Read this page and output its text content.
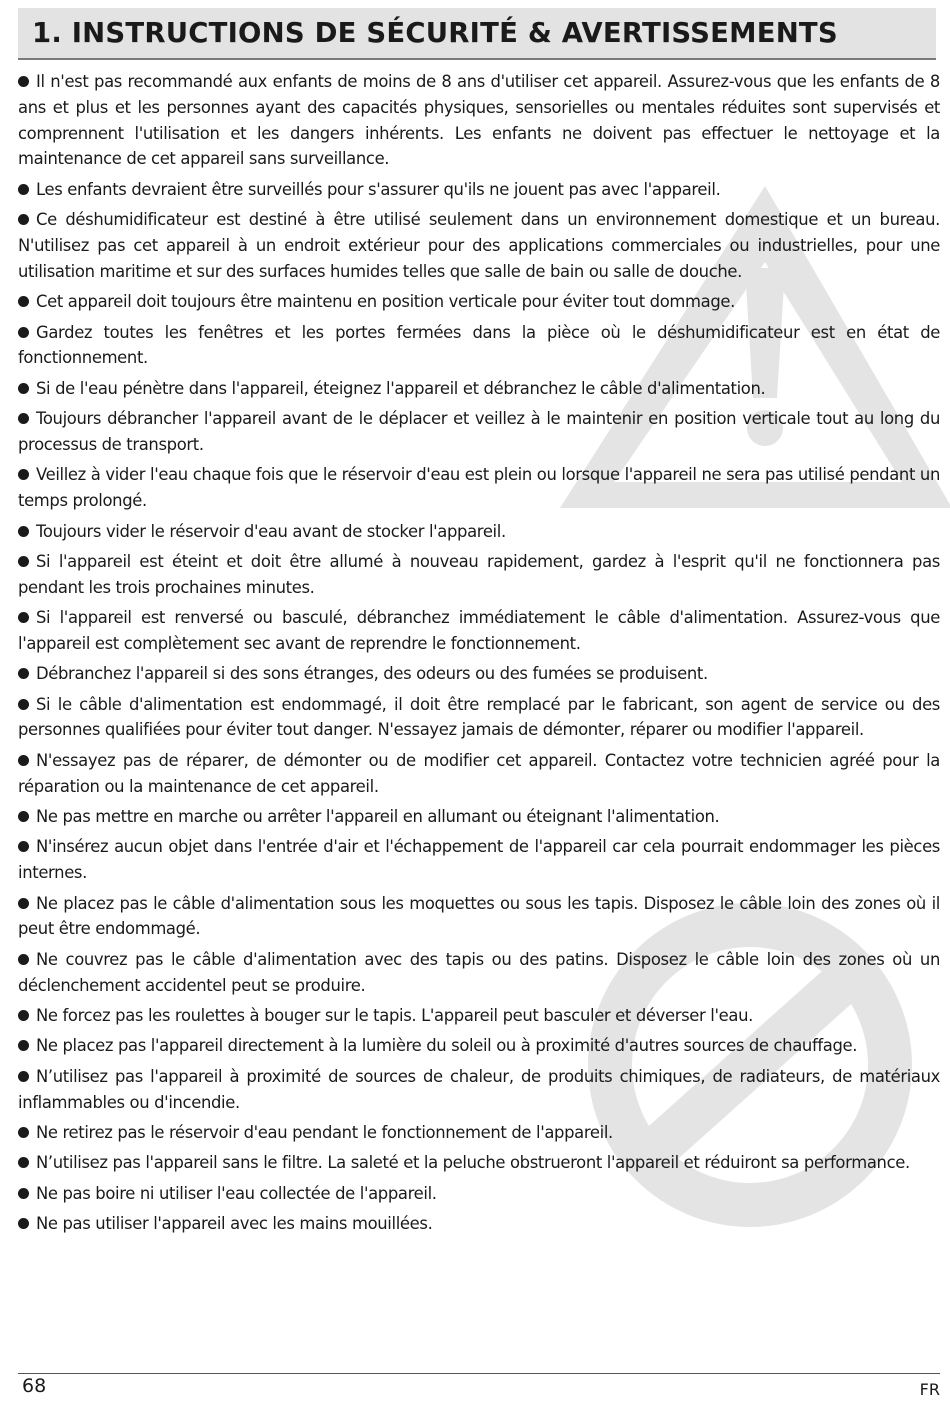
1. INSTRUCTIONS DE SÉCURITÉ & AVERTISSEMENTS
Il n'est pas recommandé aux enfants de moins de 8 ans d'utiliser cet appareil. Assurez-vous que les enfants de 8 ans et plus et les personnes ayant des capacités physiques, sensorielles ou mentales réduites sont supervisés et comprennent l'utilisation et les dangers inhérents. Les enfants ne doivent pas effectuer le nettoyage et la maintenance de cet appareil sans surveillance.
Les enfants devraient être surveillés pour s'assurer qu'ils ne jouent pas avec l'appareil.
Ce déshumidificateur est destiné à être utilisé seulement dans un environnement domestique et un bureau. N'utilisez pas cet appareil à un endroit extérieur pour des applications commerciales ou industrielles, pour une utilisation maritime et sur des surfaces humides telles que salle de bain ou salle de douche.
Cet appareil doit toujours être maintenu en position verticale pour éviter tout dommage.
Gardez toutes les fenêtres et les portes fermées dans la pièce où le déshumidificateur est en état de fonctionnement.
Si de l'eau pénètre dans l'appareil, éteignez l'appareil et débranchez le câble d'alimentation.
Toujours débrancher l'appareil avant de le déplacer et veillez à le maintenir en position verticale tout au long du processus de transport.
Veillez à vider l'eau chaque fois que le réservoir d'eau est plein ou lorsque l'appareil ne sera pas utilisé pendant un temps prolongé.
Toujours vider le réservoir d'eau avant de stocker l'appareil.
Si l'appareil est éteint et doit être allumé à nouveau rapidement, gardez à l'esprit qu'il ne fonctionnera pas pendant les trois prochaines minutes.
Si l'appareil est renversé ou basculé, débranchez immédiatement le câble d'alimentation. Assurez-vous que l'appareil est complètement sec avant de reprendre le fonctionnement.
Débranchez l'appareil si des sons étranges, des odeurs ou des fumées se produisent.
Si le câble d'alimentation est endommagé, il doit être remplacé par le fabricant, son agent de service ou des personnes qualifiées pour éviter tout danger. N'essayez jamais de démonter, réparer ou modifier l'appareil.
N'essayez pas de réparer, de démonter ou de modifier cet appareil. Contactez votre technicien agréé pour la réparation ou la maintenance de cet appareil.
Ne pas mettre en marche ou arrêter l'appareil en allumant ou éteignant l'alimentation.
N'insérez aucun objet dans l'entrée d'air et l'échappement de l'appareil car cela pourrait endommager les pièces internes.
Ne placez pas le câble d'alimentation sous les moquettes ou sous les tapis. Disposez le câble loin des zones où il peut être endommagé.
Ne couvrez pas le câble d'alimentation avec des tapis ou des patins. Disposez le câble loin des zones où un déclenchement accidentel peut se produire.
Ne forcez pas les roulettes à bouger sur le tapis. L'appareil peut basculer et déverser l'eau.
Ne placez pas l'appareil directement à la lumière du soleil ou à proximité d'autres sources de chauffage.
N’utilisez pas l'appareil à proximité de sources de chaleur, de produits chimiques, de radiateurs, de matériaux inflammables ou d'incendie.
Ne retirez pas le réservoir d'eau pendant le fonctionnement de l'appareil.
N’utilisez pas l'appareil sans le filtre. La saleté et la peluche obstrueront l'appareil et réduiront sa performance.
Ne pas boire ni utiliser l'eau collectée de l'appareil.
Ne pas utiliser l'appareil avec les mains mouillées.
68	FR
